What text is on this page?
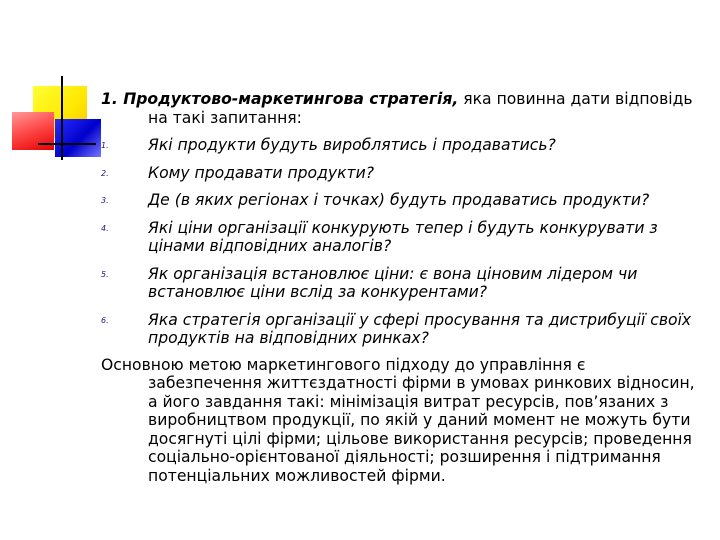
1. Продуктово-маркетингова стратегія, яка повинна дати відповідь на такі запитання:

1.	Які продукти будуть вироблятись і продаватись?
2.	Кому продавати продукти?
3.	Де (в яких регіонах і точках) будуть продаватись продукти?
4.	Які ціни організації конкурують тепер і будуть конкурувати з цінами відповідних аналогів?
5.	Як організація встановлює ціни: є вона ціновим лідером чи встановлює ціни вслід за конкурентами?
6.	Яка стратегія організації у сфері просування та дистрибуції своїх продуктів на відповідних ринках?

Основною метою маркетингового підходу до управління є забезпечення життєздатності фірми в умовах ринкових відносин, а його завдання такі: мінімізація витрат ресурсів, пов’язаних з виробництвом продукції, по якій у даний момент не можуть бути досягнуті цілі фірми; цільове використання ресурсів; проведення соціально-орієнтованої діяльності; розширення і підтримання потенціальних можливостей фірми.
